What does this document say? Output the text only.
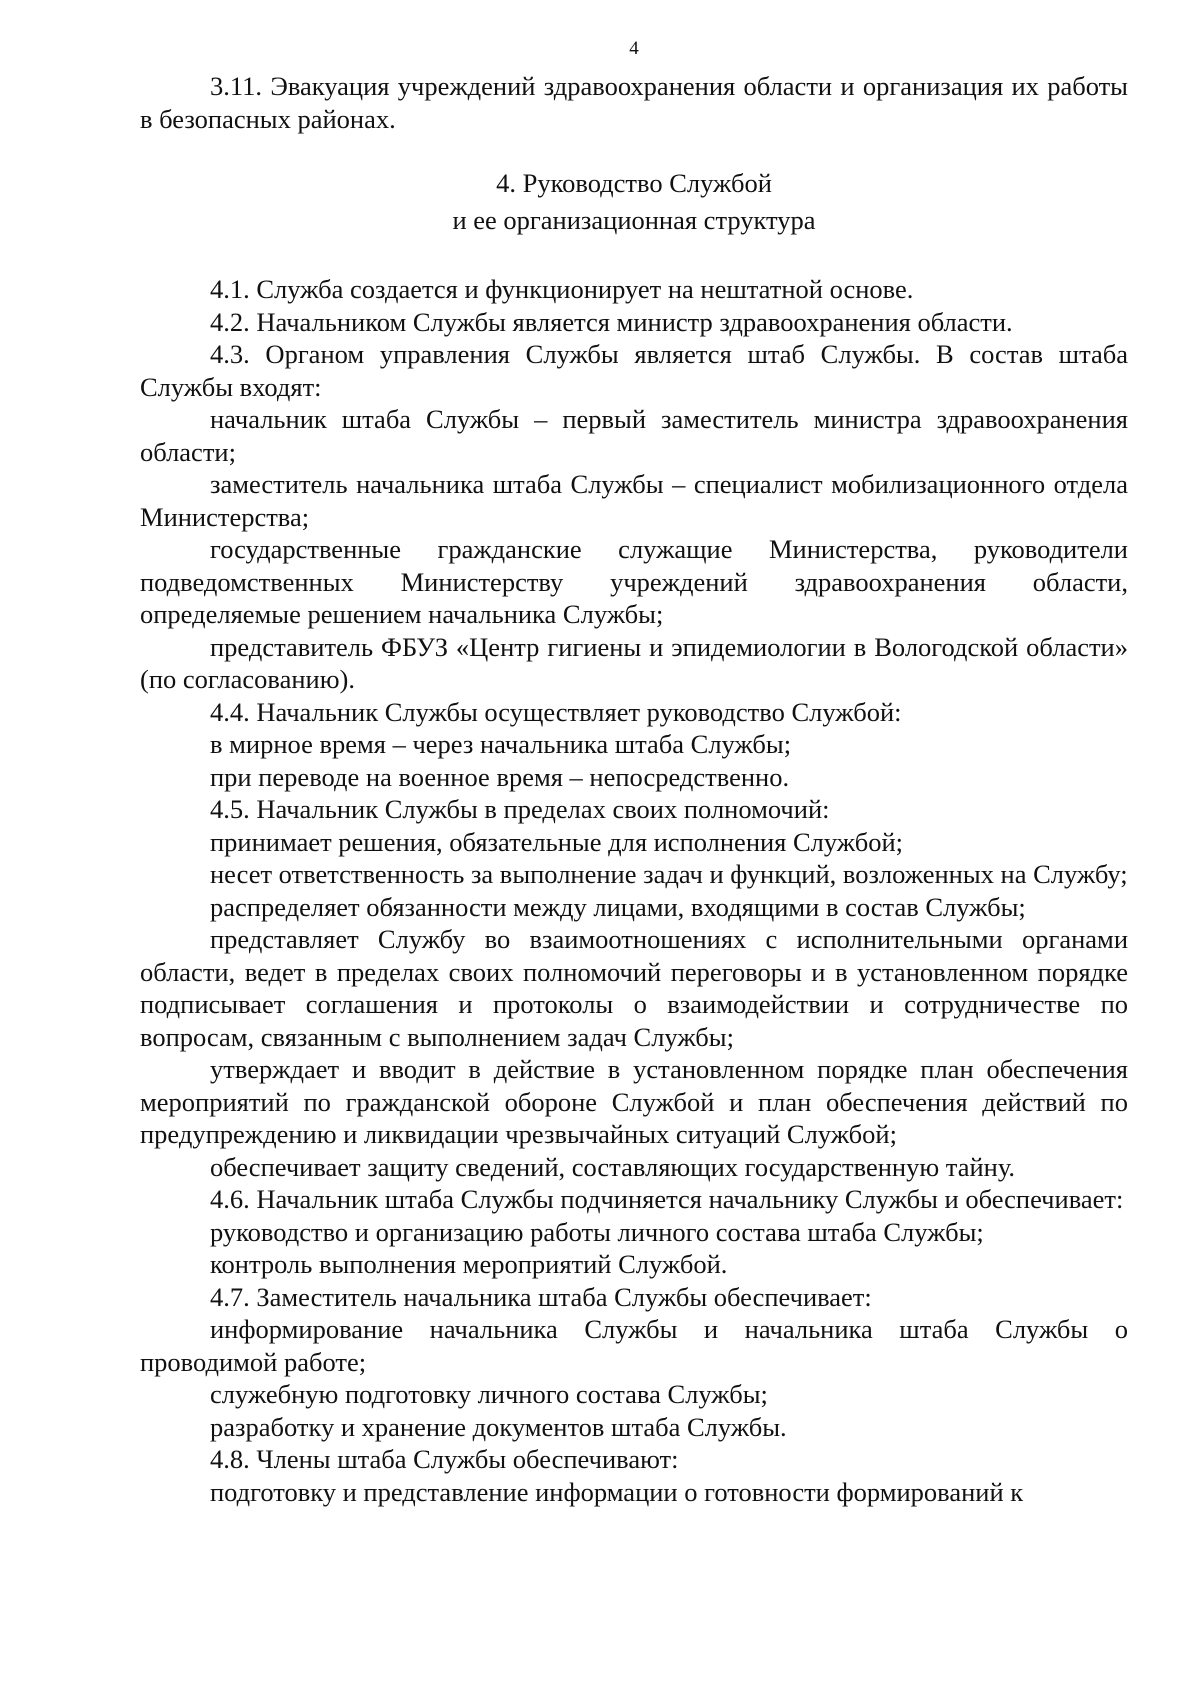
4

3.11. Эвакуация учреждений здравоохранения области и организация их работы в безопасных районах.

4. Руководство Службой
и ее организационная структура

4.1. Служба создается и функционирует на нештатной основе.

4.2. Начальником Службы является министр здравоохранения области.

4.3. Органом управления Службы является штаб Службы. В состав штаба Службы входят:

начальник штаба Службы – первый заместитель министра здравоохранения области;

заместитель начальника штаба Службы – специалист мобилизационного отдела Министерства;

государственные гражданские служащие Министерства, руководители подведомственных Министерству учреждений здравоохранения области, определяемые решением начальника Службы;

представитель ФБУЗ «Центр гигиены и эпидемиологии в Вологодской области» (по согласованию).

4.4. Начальник Службы осуществляет руководство Службой:

в мирное время – через начальника штаба Службы;

при переводе на военное время – непосредственно.

4.5. Начальник Службы в пределах своих полномочий:

принимает решения, обязательные для исполнения Службой;

несет ответственность за выполнение задач и функций, возложенных на Службу;

распределяет обязанности между лицами, входящими в состав Службы;

представляет Службу во взаимоотношениях с исполнительными органами области, ведет в пределах своих полномочий переговоры и в установленном порядке подписывает соглашения и протоколы о взаимодействии и сотрудничестве по вопросам, связанным с выполнением задач Службы;

утверждает и вводит в действие в установленном порядке план обеспечения мероприятий по гражданской обороне Службой и план обеспечения действий по предупреждению и ликвидации чрезвычайных ситуаций Службой;

обеспечивает защиту сведений, составляющих государственную тайну.

4.6. Начальник штаба Службы подчиняется начальнику Службы и обеспечивает:

руководство и организацию работы личного состава штаба Службы;

контроль выполнения мероприятий Службой.

4.7. Заместитель начальника штаба Службы обеспечивает:

информирование начальника Службы и начальника штаба Службы о проводимой работе;

служебную подготовку личного состава Службы;

разработку и хранение документов штаба Службы.

4.8. Члены штаба Службы обеспечивают:

подготовку и представление информации о готовности формирований к
